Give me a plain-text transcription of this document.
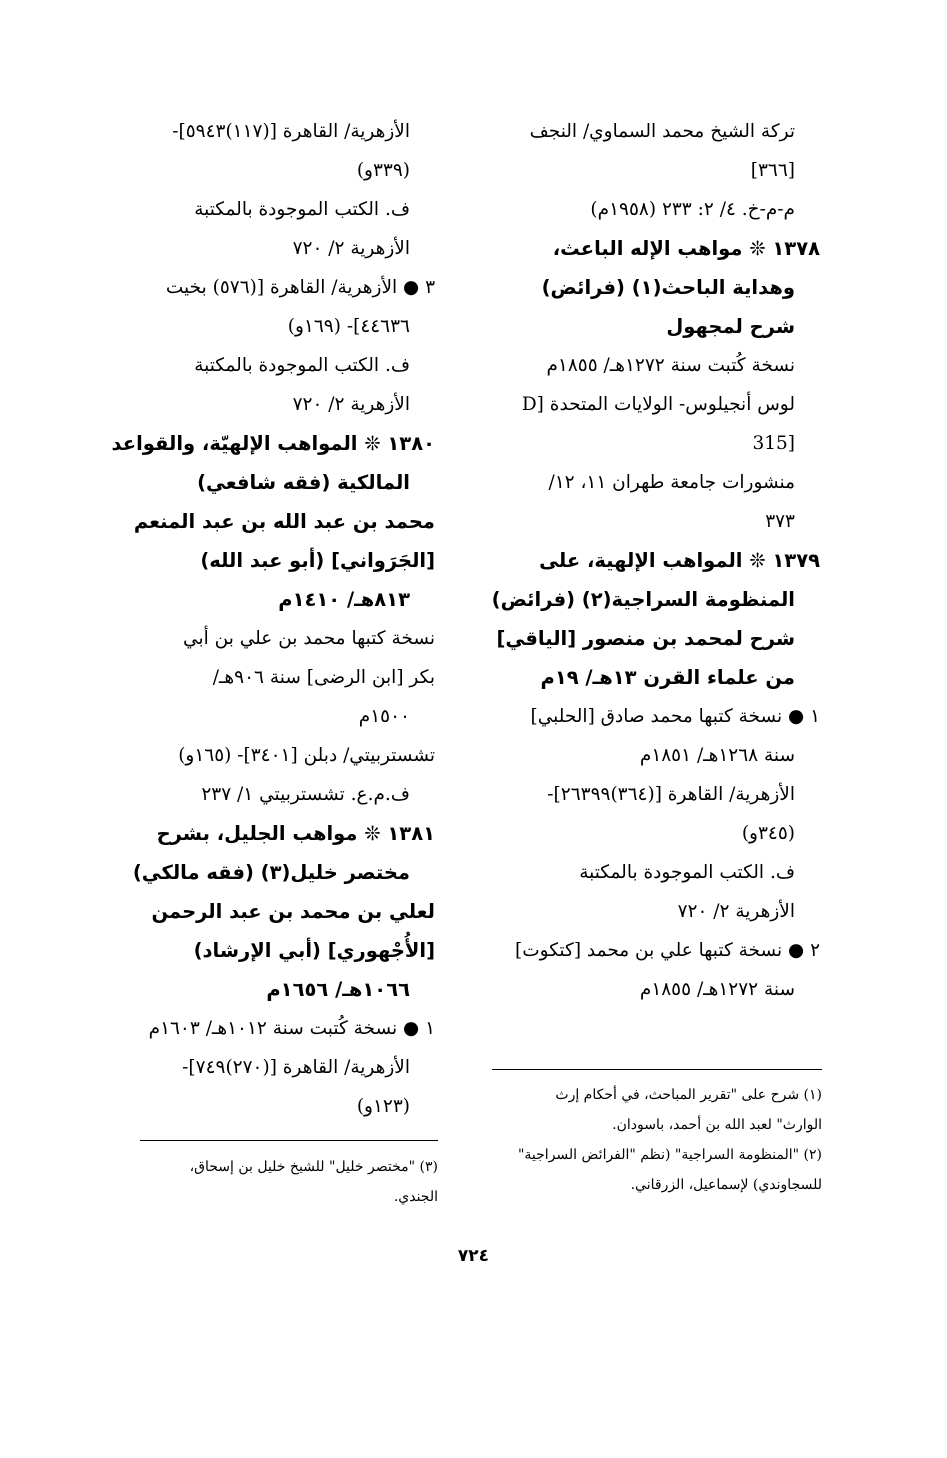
تركة الشيخ محمد السماوي/ النجف
[٣٦٦]
م-م-خ. ٤/ ٢: ٢٣٣ (١٩٥٨م)
١٣٧٨ ❊ مواهب الإله الباعث،
وهداية الباحث(١) (فرائض)
شرح لمجهول
نسخة كُتبت سنة ١٢٧٢هـ/ ١٨٥٥م
لوس أنجيلوس- الولايات المتحدة [D
[315
منشورات جامعة طهران ١١، ١٢/
٣٧٣
١٣٧٩ ❊ المواهب الإلهية، على
المنظومة السراجية(٢) (فرائض)
شرح لمحمد بن منصور [الياقي]
من علماء القرن ١٣هـ/ ١٩م
١ ● نسخة كتبها محمد صادق [الحلبي]
سنة ١٢٦٨هـ/ ١٨٥١م
الأزهرية/ القاهرة [(٣٦٤)٢٦٣٩٩]-
(٣٤٥و)
ف. الكتب الموجودة بالمكتبة
الأزهرية ٢/ ٧٢٠
٢ ● نسخة كتبها علي بن محمد [كتكوت]
سنة ١٢٧٢هـ/ ١٨٥٥م
الأزهرية/ القاهرة [(١١٧)٥٩٤٣]-
(٣٣٩و)
ف. الكتب الموجودة بالمكتبة
الأزهرية ٢/ ٧٢٠
٣ ● الأزهرية/ القاهرة [(٥٧٦) بخيت
٤٤٦٣٦]- (١٦٩و)
ف. الكتب الموجودة بالمكتبة
الأزهرية ٢/ ٧٢٠
١٣٨٠ ❊ المواهب الإلهيّة، والقواعد
المالكية (فقه شافعي)
محمد بن عبد الله بن عبد المنعم
[الجَرَواني] (أبو عبد الله)
٨١٣هـ/ ١٤١٠م
نسخة كتبها محمد بن علي بن أبي
بكر [ابن الرضى] سنة ٩٠٦هـ/
١٥٠٠م
تشستربيتي/ دبلن [٣٤٠١]- (١٦٥و)
ف.م.ع. تشستربيتي ١/ ٢٣٧
١٣٨١ ❊ مواهب الجليل، بشرح
مختصر خليل(٣) (فقه مالكي)
لعلي بن محمد بن عبد الرحمن
[الأُجْهوري] (أبي الإرشاد)
١٠٦٦هـ/ ١٦٥٦م
١ ● نسخة كُتبت سنة ١٠١٢هـ/ ١٦٠٣م
الأزهرية/ القاهرة [(٢٧٠)٧٤٩]-
(١٢٣و)
(١) شرح على "تقرير المباحث، في أحكام إرث
الوارث" لعبد الله بن أحمد، باسودان.
(٢) "المنظومة السراجية" (نظم "الفرائض السراجية"
للسجاوندي) لإسماعيل، الزرقاني.
(٣) "مختصر خليل" للشيخ خليل بن إسحاق،
الجندي.
٧٢٤
